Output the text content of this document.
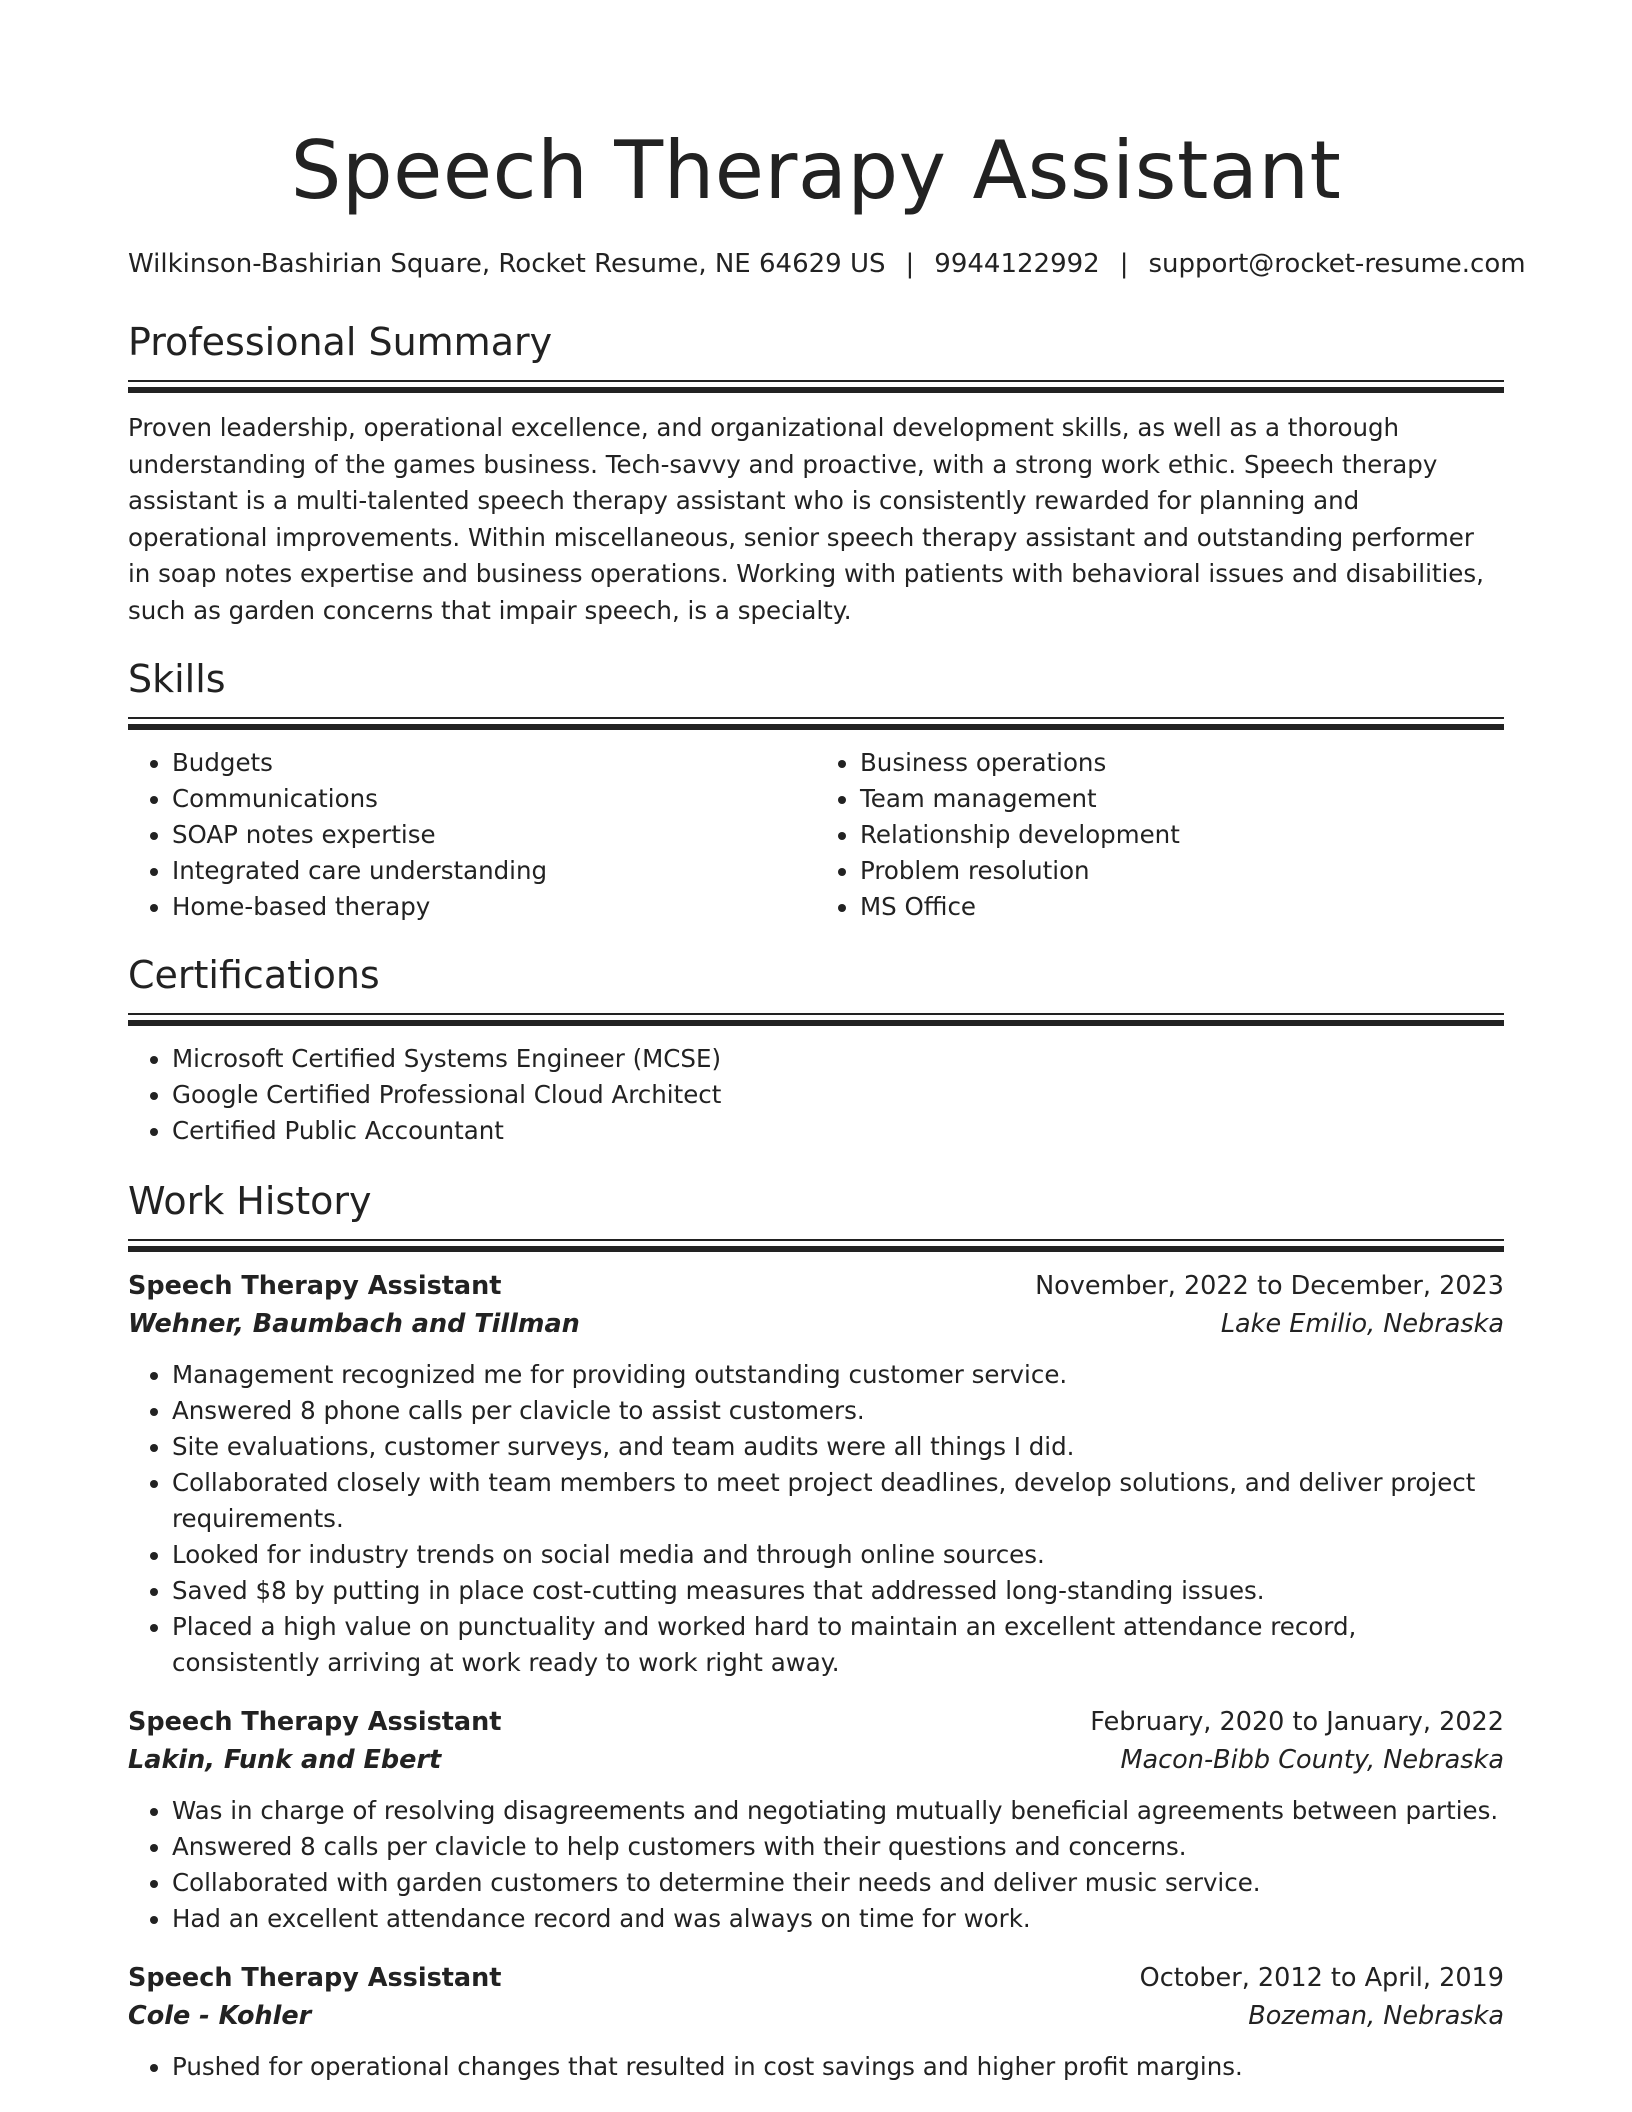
Speech Therapy Assistant
Wilkinson-Bashirian Square, Rocket Resume, NE 64629 US | 9944122992 | support@rocket-resume.com
Professional Summary

Proven leadership, operational excellence, and organizational development skills, as well as a thorough understanding of the games business. Tech-savvy and proactive, with a strong work ethic. Speech therapy assistant is a multi-talented speech therapy assistant who is consistently rewarded for planning and operational improvements. Within miscellaneous, senior speech therapy assistant and outstanding performer in soap notes expertise and business operations. Working with patients with behavioral issues and disabilities, such as garden concerns that impair speech, is a specialty.

Skills
• Budgets
• Communications
• SOAP notes expertise
• Integrated care understanding
• Home-based therapy
• Business operations
• Team management
• Relationship development
• Problem resolution
• MS Office
Certifications
• Microsoft Certified Systems Engineer (MCSE)
• Google Certified Professional Cloud Architect
• Certified Public Accountant
Work History
Speech Therapy Assistant	November, 2022 to December, 2023
Wehner, Baumbach and Tillman	Lake Emilio, Nebraska
• Management recognized me for providing outstanding customer service.
• Answered 8 phone calls per clavicle to assist customers.
• Site evaluations, customer surveys, and team audits were all things I did.
• Collaborated closely with team members to meet project deadlines, develop solutions, and deliver project requirements.
• Looked for industry trends on social media and through online sources.
• Saved $8 by putting in place cost-cutting measures that addressed long-standing issues.
• Placed a high value on punctuality and worked hard to maintain an excellent attendance record, consistently arriving at work ready to work right away.
Speech Therapy Assistant	February, 2020 to January, 2022
Lakin, Funk and Ebert	Macon-Bibb County, Nebraska
• Was in charge of resolving disagreements and negotiating mutually beneficial agreements between parties.
• Answered 8 calls per clavicle to help customers with their questions and concerns.
• Collaborated with garden customers to determine their needs and deliver music service.
• Had an excellent attendance record and was always on time for work.
Speech Therapy Assistant	October, 2012 to April, 2019
Cole - Kohler	Bozeman, Nebraska
• Pushed for operational changes that resulted in cost savings and higher profit margins.
